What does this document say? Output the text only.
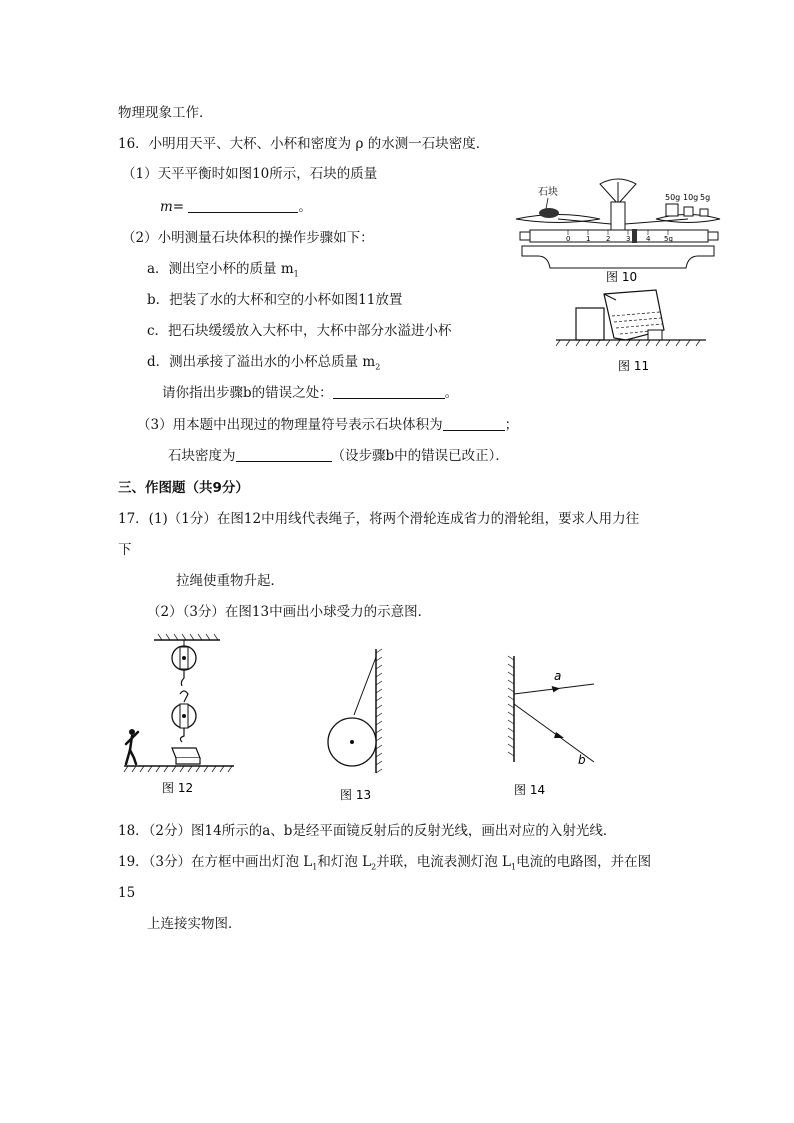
物理现象工作．
16．小明用天平、大杯、小杯和密度为 ρ 的水测一石块密度．
（1）天平平衡时如图10所示，石块的质量
m=	。
（2）小明测量石块体积的操作步骤如下：
a．测出空小杯的质量 $m_1$
b．把装了水的大杯和空的小杯如图11放置
c．把石块缓缓放入大杯中，大杯中部分水溢进小杯
d．测出承接了溢出水的小杯总质量 $m_2$
请你指出步骤b的错误之处：	。
（3）用本题中出现过的物理量符号表示石块体积为	；
石块密度为	（设步骤b中的错误已改正）．
三、作图题（共9分）
17．(1)（1分）在图12中用线代表绳子，将两个滑轮连成省力的滑轮组，要求人用力往
下
拉绳使重物升起．
（2）（3分）在图13中画出小球受力的示意图．
18．（2分）图14所示的a、b是经平面镜反射后的反射光线，画出对应的入射光线．
19．（3分）在方框中画出灯泡 $L_1$和灯泡 $L_2$并联，电流表测灯泡 $L_1$电流的电路图，并在图
15
上连接实物图．
石块	50g 10g 5g
0 1 2 3 4 5g
图 10
图 11
图 12	图 13
a
b
图 14
